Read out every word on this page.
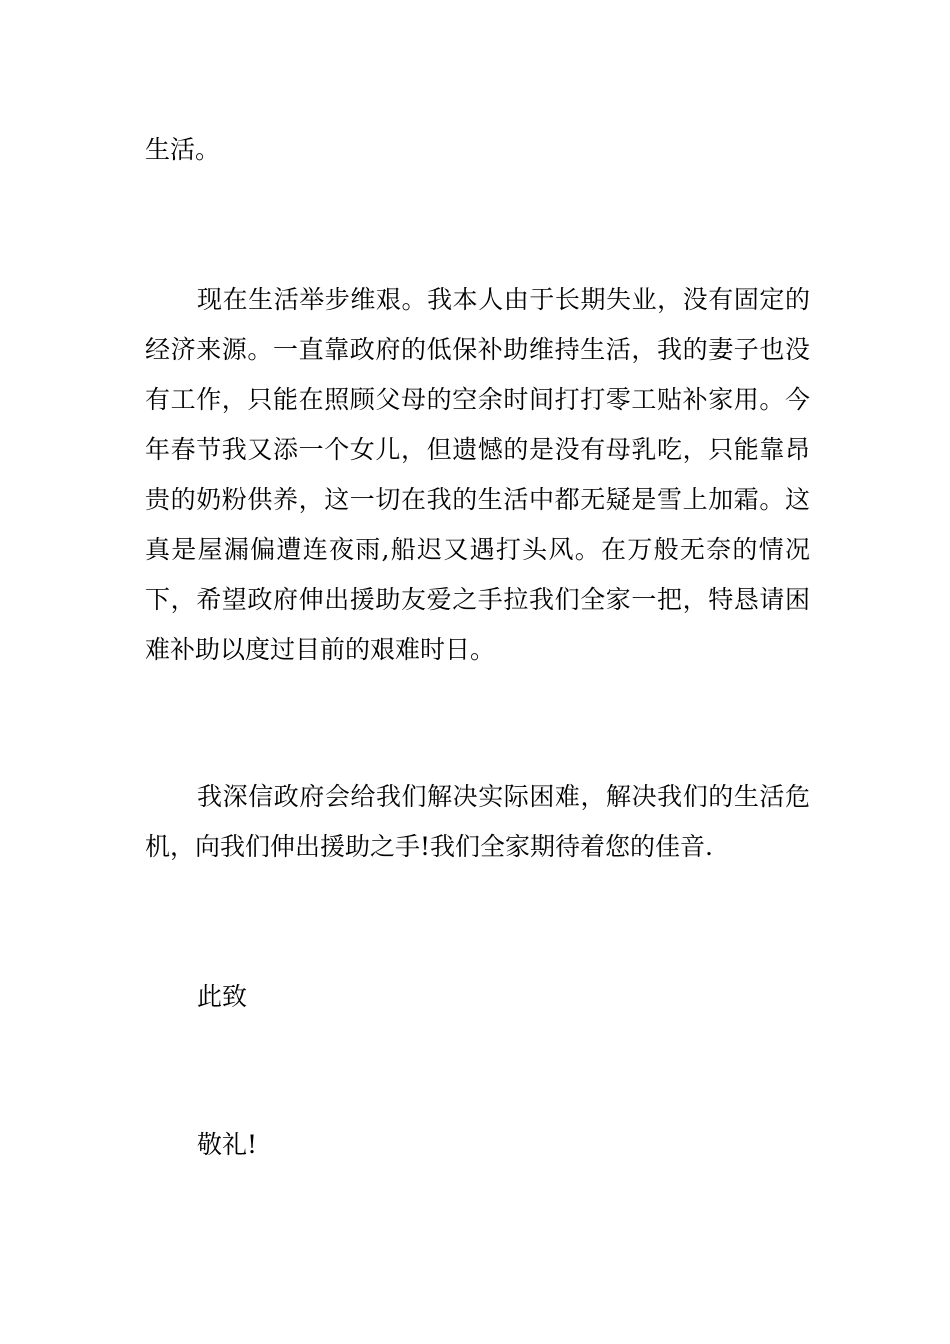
生活。

现在生活举步维艰。我本人由于长期失业，没有固定的经济来源。一直靠政府的低保补助维持生活，我的妻子也没有工作，只能在照顾父母的空余时间打打零工贴补家用。今年春节我又添一个女儿，但遗憾的是没有母乳吃，只能靠昂贵的奶粉供养，这一切在我的生活中都无疑是雪上加霜。这真是屋漏偏遭连夜雨,船迟又遇打头风。在万般无奈的情况下，希望政府伸出援助友爱之手拉我们全家一把，特恳请困难补助以度过目前的艰难时日。

我深信政府会给我们解决实际困难，解决我们的生活危机，向我们伸出援助之手!我们全家期待着您的佳音.

此致

敬礼!
